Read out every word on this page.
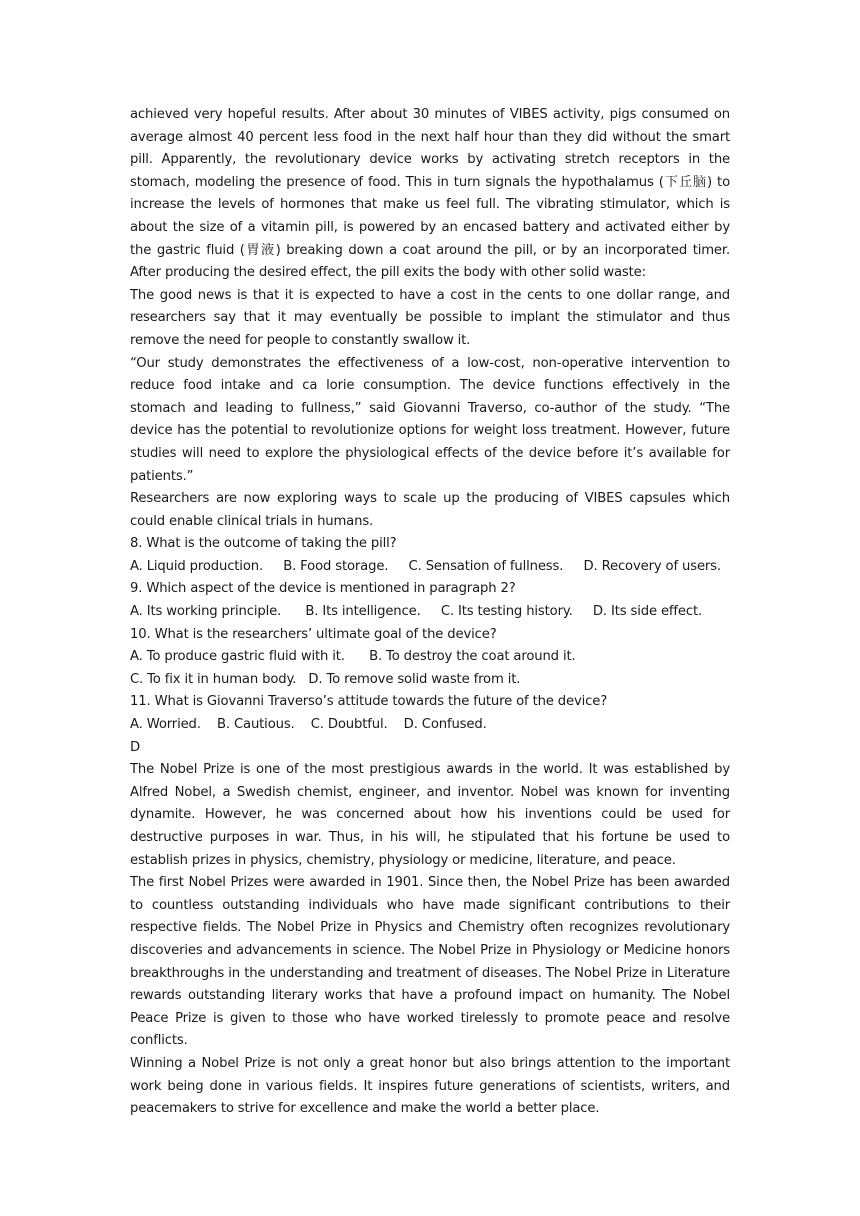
achieved very hopeful results. After about 30 minutes of VIBES activity, pigs consumed on average almost 40 percent less food in the next half hour than they did without the smart pill. Apparently, the revolutionary device works by activating stretch receptors in the stomach, modeling the presence of food. This in turn signals the hypothalamus (下丘脑) to increase the levels of hormones that make us feel full. The vibrating stimulator, which is about the size of a vitamin pill, is powered by an encased battery and activated either by the gastric fluid (胃液) breaking down a coat around the pill, or by an incorporated timer. After producing the desired effect, the pill exits the body with other solid waste:

The good news is that it is expected to have a cost in the cents to one dollar range, and researchers say that it may eventually be possible to implant the stimulator and thus remove the need for people to constantly swallow it.

“Our study demonstrates the effectiveness of a low-cost, non-operative intervention to reduce food intake and ca lorie consumption. The device functions effectively in the stomach and leading to fullness,” said Giovanni Traverso, co-author of the study. “The device has the potential to revolutionize options for weight loss treatment. However, future studies will need to explore the physiological effects of the device before it’s available for patients.”

Researchers are now exploring ways to scale up the producing of VIBES capsules which could enable clinical trials in humans.

8. What is the outcome of taking the pill?

A. Liquid production.     B. Food storage.     C. Sensation of fullness.     D. Recovery of users.

9. Which aspect of the device is mentioned in paragraph 2?

A. Its working principle.      B. Its intelligence.     C. Its testing history.     D. Its side effect.

10. What is the researchers’ ultimate goal of the device?

A. To produce gastric fluid with it.      B. To destroy the coat around it.

C. To fix it in human body.   D. To remove solid waste from it.

11. What is Giovanni Traverso’s attitude towards the future of the device?

A. Worried.    B. Cautious.    C. Doubtful.    D. Confused.

D

The Nobel Prize is one of the most prestigious awards in the world. It was established by Alfred Nobel, a Swedish chemist, engineer, and inventor. Nobel was known for inventing dynamite. However, he was concerned about how his inventions could be used for destructive purposes in war. Thus, in his will, he stipulated that his fortune be used to establish prizes in physics, chemistry, physiology or medicine, literature, and peace.

The first Nobel Prizes were awarded in 1901. Since then, the Nobel Prize has been awarded to countless outstanding individuals who have made significant contributions to their respective fields. The Nobel Prize in Physics and Chemistry often recognizes revolutionary discoveries and advancements in science. The Nobel Prize in Physiology or Medicine honors breakthroughs in the understanding and treatment of diseases. The Nobel Prize in Literature rewards outstanding literary works that have a profound impact on humanity. The Nobel Peace Prize is given to those who have worked tirelessly to promote peace and resolve conflicts.

Winning a Nobel Prize is not only a great honor but also brings attention to the important work being done in various fields. It inspires future generations of scientists, writers, and peacemakers to strive for excellence and make the world a better place.
